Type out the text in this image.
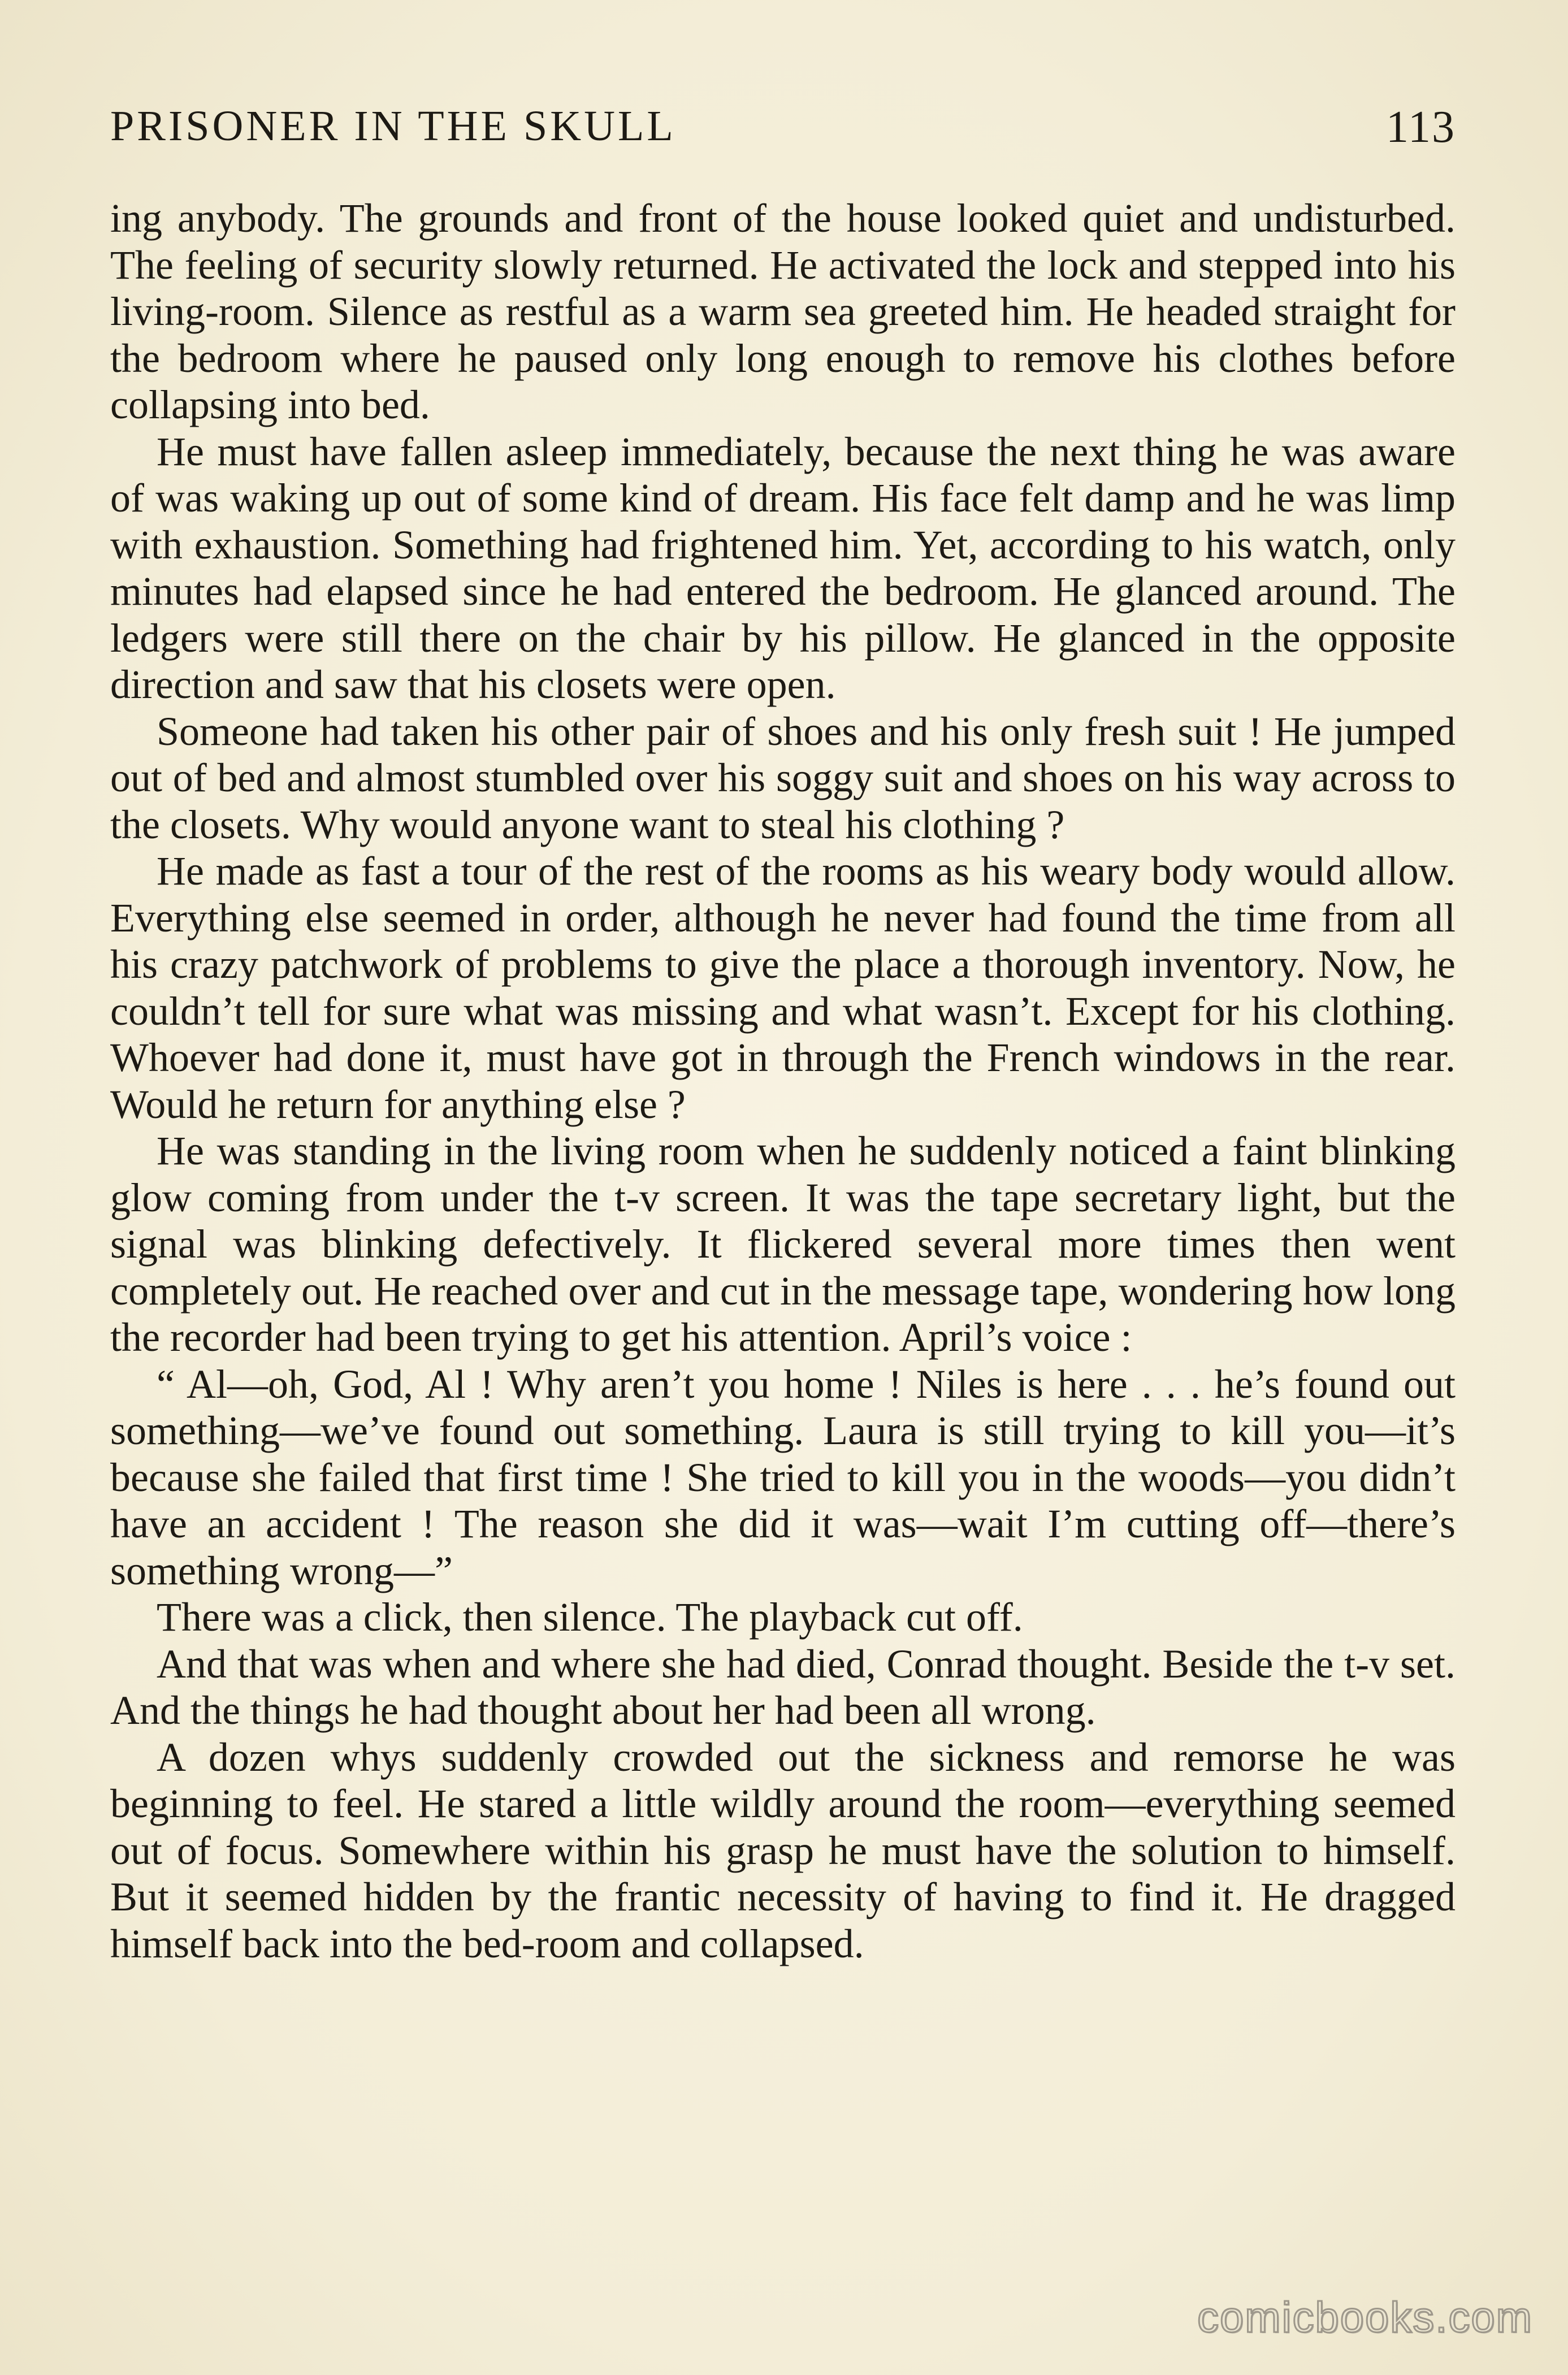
PRISONER IN THE SKULL	113

ing anybody. The grounds and front of the house looked quiet and undisturbed. The feeling of security slowly returned. He activated the lock and stepped into his living-room. Silence as restful as a warm sea greeted him. He headed straight for the bedroom where he paused only long enough to remove his clothes before collapsing into bed.

He must have fallen asleep immediately, because the next thing he was aware of was waking up out of some kind of dream. His face felt damp and he was limp with exhaustion. Something had frightened him. Yet, according to his watch, only minutes had elapsed since he had entered the bedroom. He glanced around. The ledgers were still there on the chair by his pillow. He glanced in the opposite direction and saw that his closets were open.

Someone had taken his other pair of shoes and his only fresh suit ! He jumped out of bed and almost stumbled over his soggy suit and shoes on his way across to the closets. Why would anyone want to steal his clothing ?

He made as fast a tour of the rest of the rooms as his weary body would allow. Everything else seemed in order, although he never had found the time from all his crazy patchwork of problems to give the place a thorough inventory. Now, he couldn’t tell for sure what was missing and what wasn’t. Except for his clothing. Whoever had done it, must have got in through the French windows in the rear. Would he return for anything else ?

He was standing in the living room when he suddenly noticed a faint blinking glow coming from under the t-v screen. It was the tape secretary light, but the signal was blinking defectively. It flickered several more times then went completely out. He reached over and cut in the message tape, wondering how long the recorder had been trying to get his attention. April’s voice :

“ Al—oh, God, Al ! Why aren’t you home ! Niles is here . . . he’s found out something—we’ve found out something. Laura is still trying to kill you—it’s because she failed that first time ! She tried to kill you in the woods—you didn’t have an accident ! The reason she did it was—wait I’m cutting off—there’s something wrong—”

There was a click, then silence. The playback cut off.

And that was when and where she had died, Conrad thought. Beside the t-v set. And the things he had thought about her had been all wrong.

A dozen whys suddenly crowded out the sickness and remorse he was beginning to feel. He stared a little wildly around the room—everything seemed out of focus. Somewhere within his grasp he must have the solution to himself. But it seemed hidden by the frantic necessity of having to find it. He dragged himself back into the bed-room and collapsed.

comicbooks.com
